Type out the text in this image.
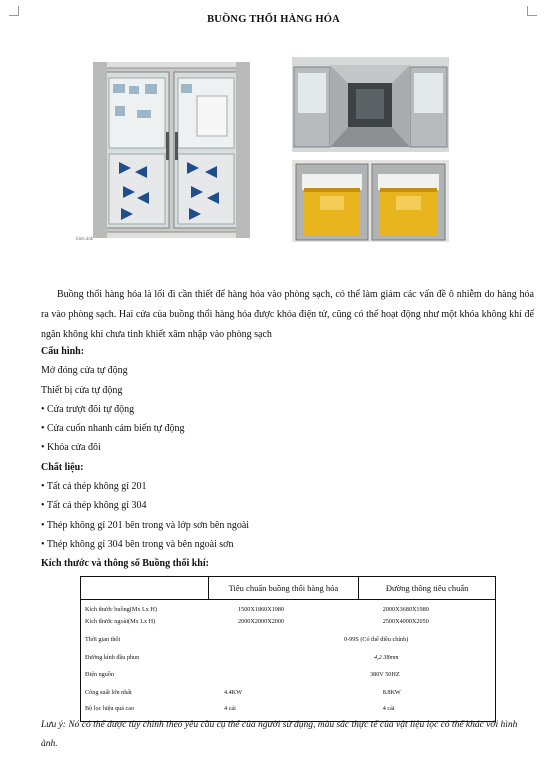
BUỒNG THỔI HÀNG HÓA
hình ảnh
Buồng thổi hàng hóa là lối đi cần thiết để hàng hóa vào phòng sạch, có thể làm giảm các vấn đề ô nhiễm do hàng hóa ra vào phòng sạch. Hai cửa của buồng thổi hàng hóa được khóa điện tử, cũng có thể hoạt động như một khóa không khí để ngăn không khí chưa tinh khiết xâm nhập vào phòng sạch
Cấu hình:
Mở đóng cửa tự động
Thiết bị cửa tự động
• Cửa trượt đôi tự động
• Cửa cuốn nhanh cảm biến tự động
• Khóa cửa đôi
Chất liệu:
• Tất cả thép không gỉ 201
• Tất cả thép không gỉ 304
• Thép không gỉ 201 bên trong và lớp sơn bên ngoài
• Thép không gỉ 304 bên trong và bên ngoài sơn
Kích thước và thông số Buồng thổi khí:
	Tiêu chuẩn buồng thổi hàng hóa	Đường thông tiêu chuẩn
Kích thước buồng(Mx Lx H)	1500X1860X1980	2000X3680X1980
Kích thước ngoài(Mx Lx H)	2000X2000X2000	2500X4000X2050
Thời gian thổi	0-99S (Có thể điều chỉnh)	
Đường kính đầu phun	4,2 38mm	
Điện nguồn	380V 50HZ	
Công suất lớn nhất	4.4KW	8.8KW
Bộ lọc hiệu quả cao	4 cái	4 cái
Lưu ý: Nó có thể được tùy chỉnh theo yêu cầu cụ thể của người sử dụng, màu sắc thực tế của vật liệu lọc có thể khác với hình ảnh.
